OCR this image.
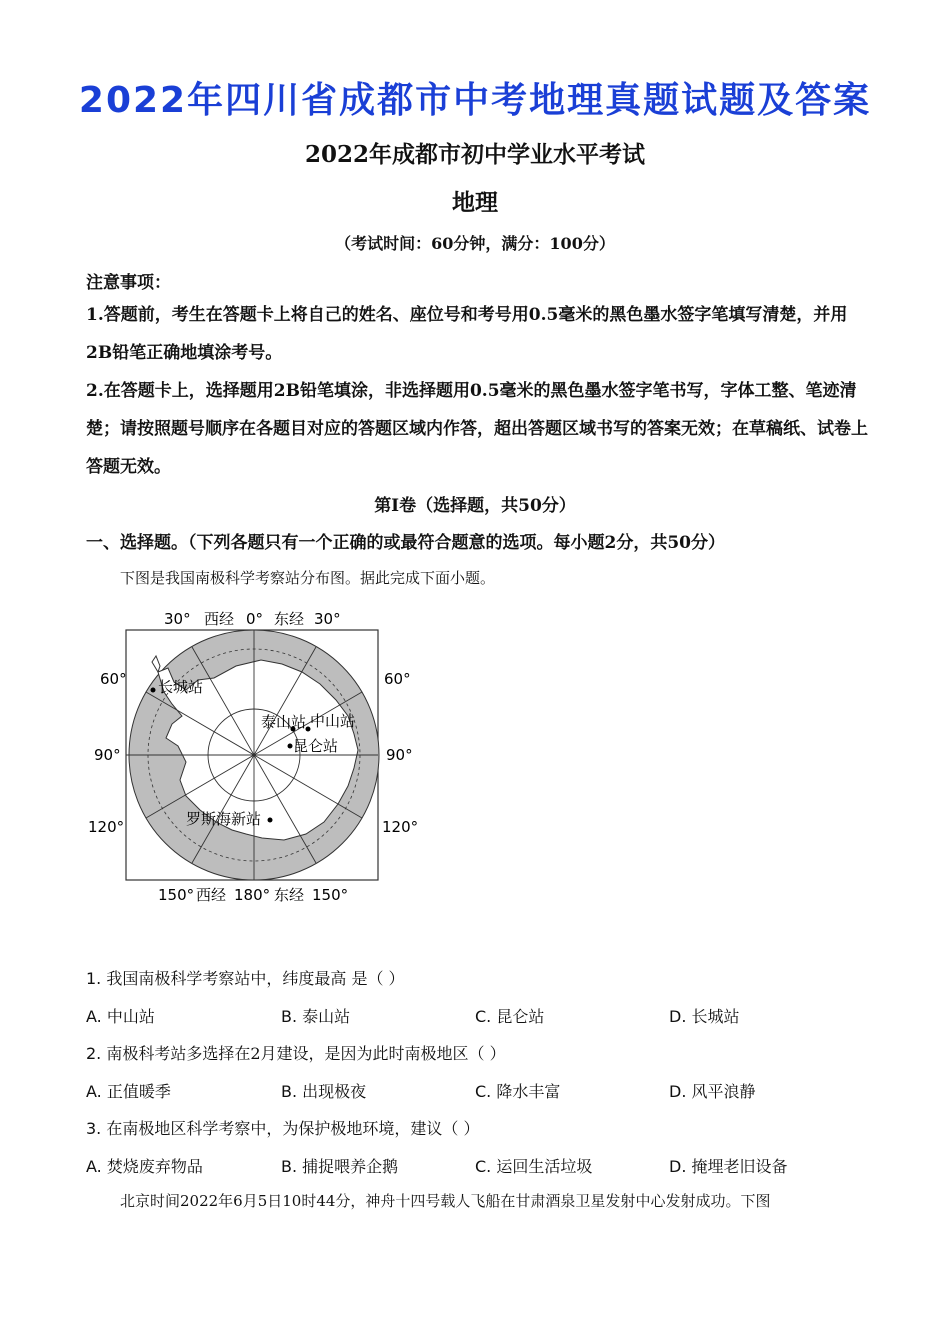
2022年四川省成都市中考地理真题试题及答案
2022年成都市初中学业水平考试
地理
（考试时间：60分钟，满分：100分）
注意事项：
1.答题前，考生在答题卡上将自己的姓名、座位号和考号用0.5毫米的黑色墨水签字笔填写清楚，并用2B铅笔正确地填涂考号。
2.在答题卡上，选择题用2B铅笔填涂，非选择题用0.5毫米的黑色墨水签字笔书写，字体工整、笔迹清楚；请按照题号顺序在各题目对应的答题区域内作答，超出答题区域书写的答案无效；在草稿纸、试卷上答题无效。
第Ⅰ卷（选择题，共50分）
一、选择题。（下列各题只有一个正确的或最符合题意的选项。每小题2分，共50分）
下图是我国南极科学考察站分布图。据此完成下面小题。
长城站
泰山站 中山站
昆仑站
罗斯海新站
30° 西经 0° 东经 30°
60°
90°
120°
60°
90°
120°
150° 西经 180° 东经 150°
1. 我国南极科学考察站中，纬度最高 是（ ）
A. 中山站	B. 泰山站	C. 昆仑站	D. 长城站
2. 南极科考站多选择在2月建设，是因为此时南极地区（ ）
A. 正值暖季	B. 出现极夜	C. 降水丰富	D. 风平浪静
3. 在南极地区科学考察中，为保护极地环境，建议（ ）
A. 焚烧废弃物品	B. 捕捉喂养企鹅	C. 运回生活垃圾	D. 掩埋老旧设备
北京时间2022年6月5日10时44分，神舟十四号载人飞船在甘肃酒泉卫星发射中心发射成功。下图
